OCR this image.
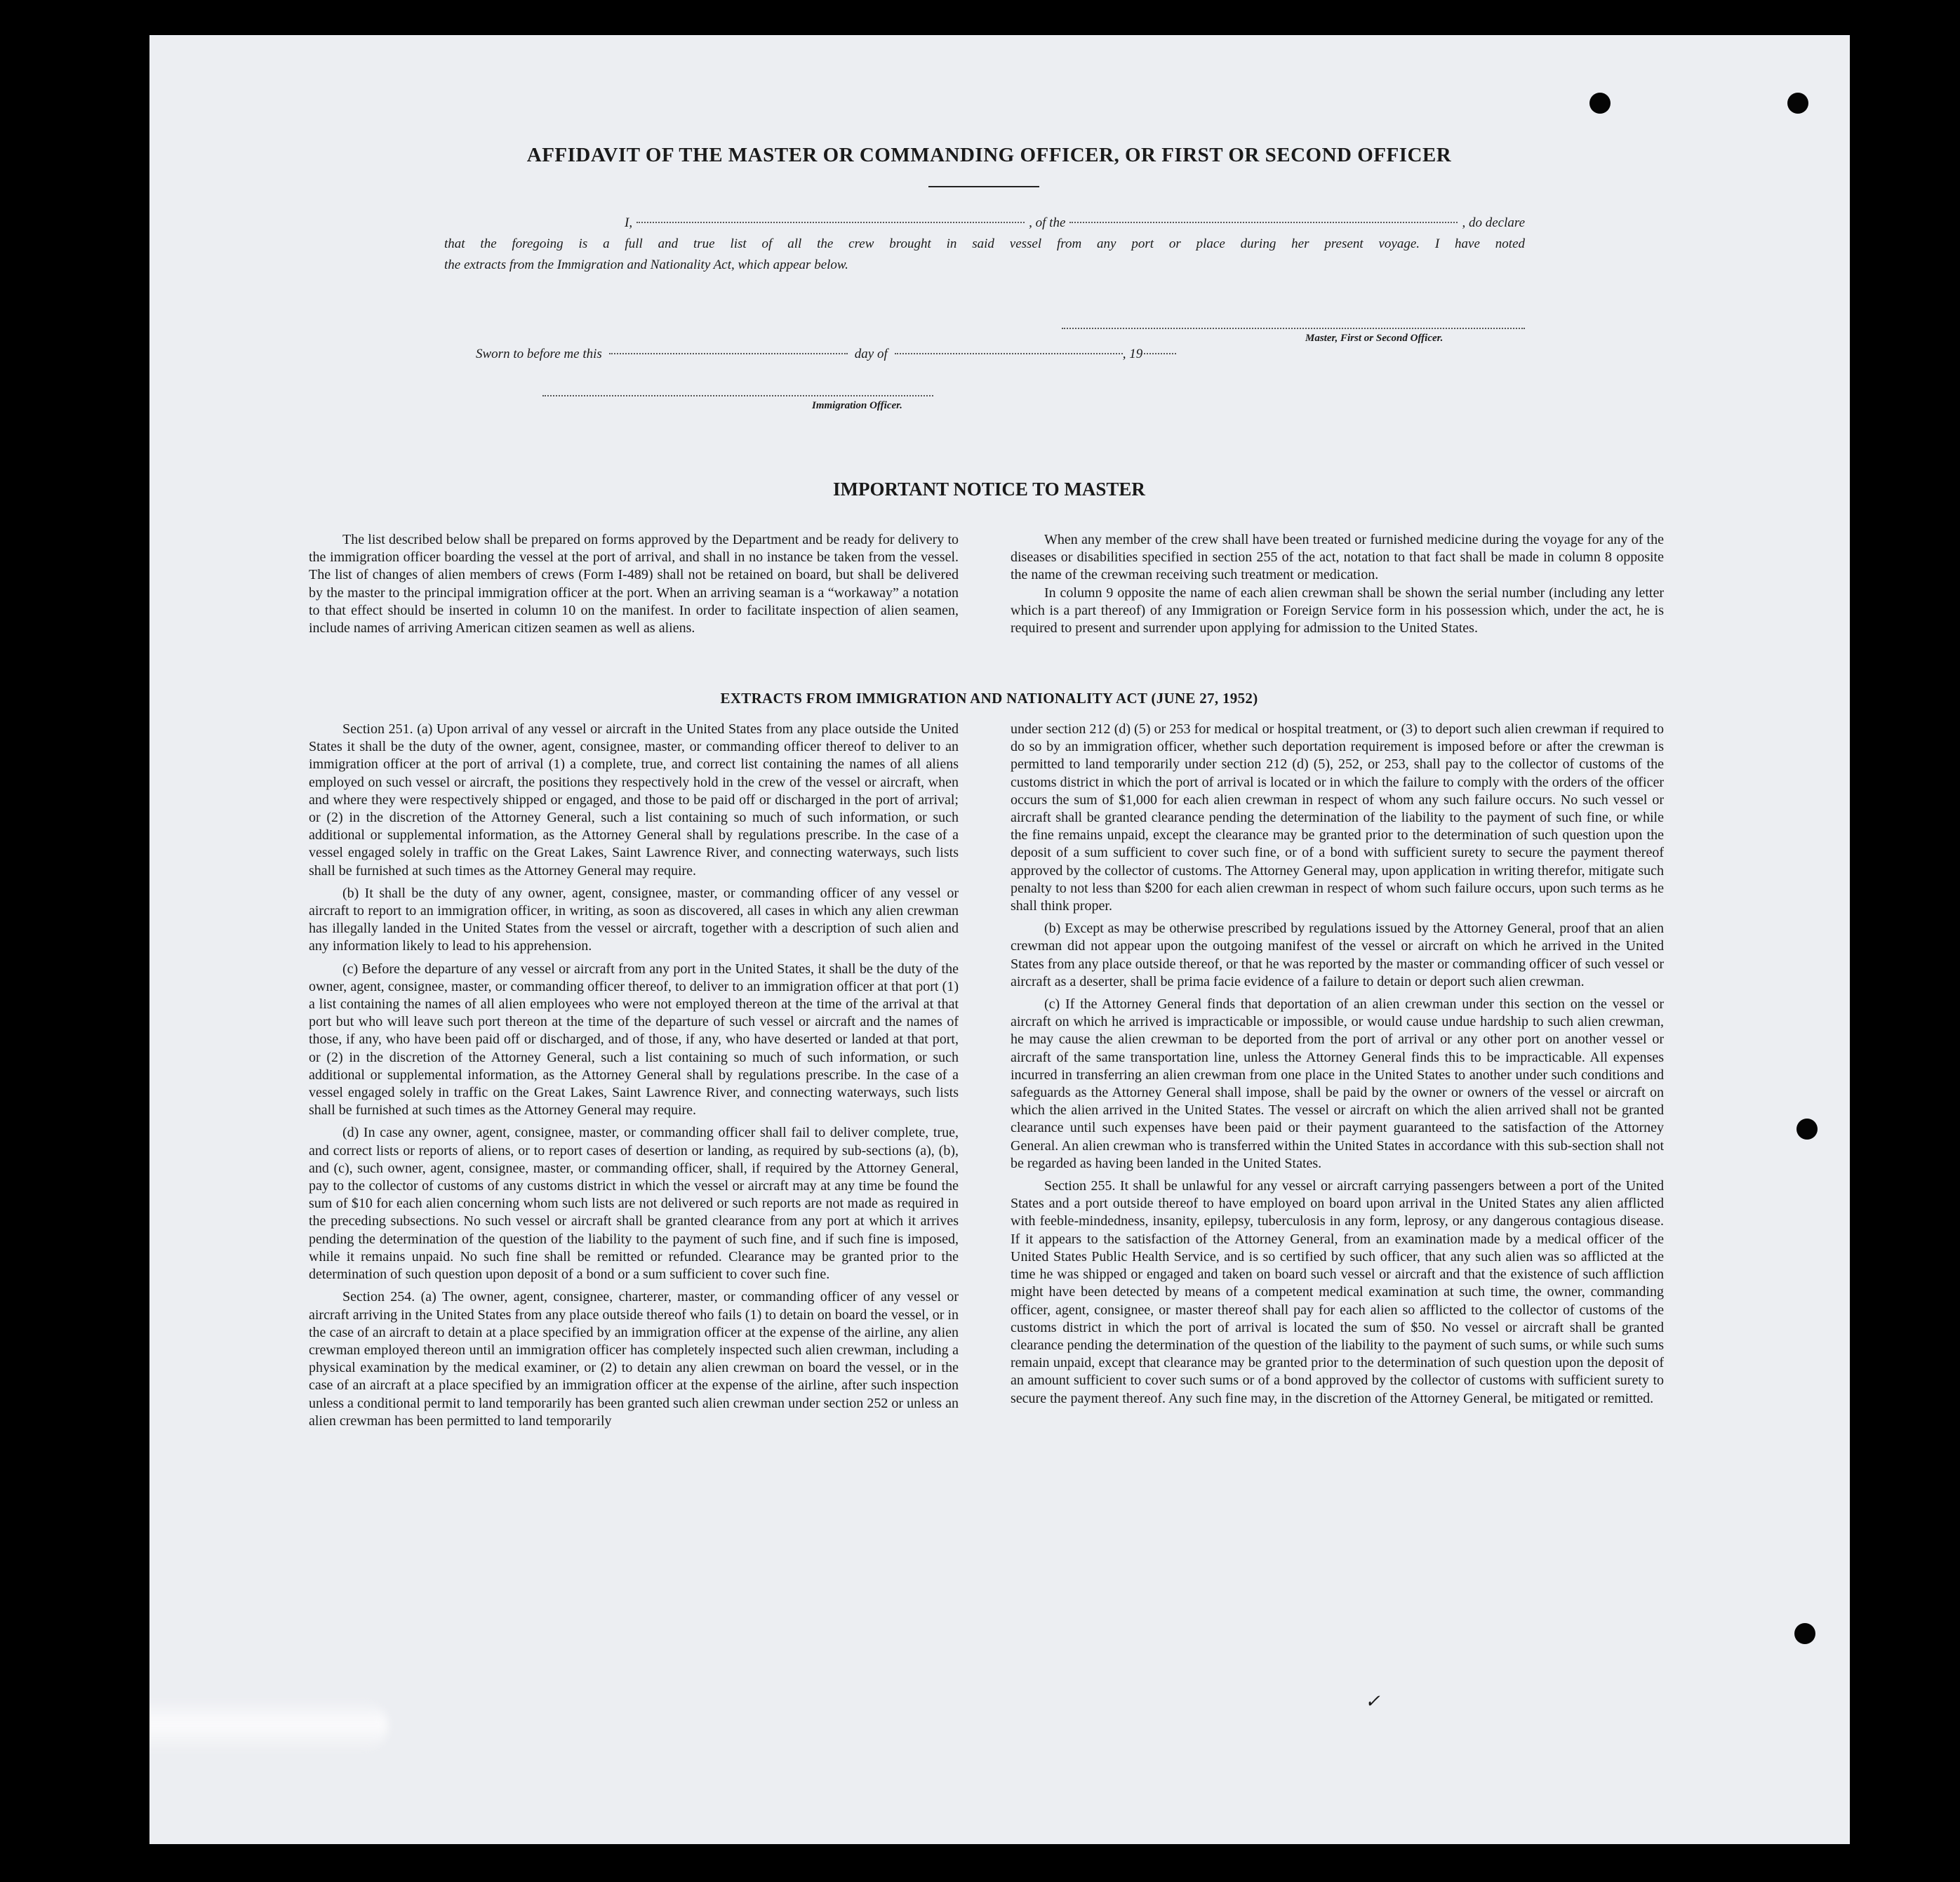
AFFIDAVIT OF THE MASTER OR COMMANDING OFFICER, OR FIRST OR SECOND OFFICER
I,	, of the	, do declare
that the foregoing is a full and true list of all the crew brought in said vessel from any port or place during her present voyage. I have noted
the extracts from the Immigration and Nationality Act, which appear below.
Master, First or Second Officer.
Sworn to before me this	day of	, 19
Immigration Officer.
IMPORTANT NOTICE TO MASTER

The list described below shall be prepared on forms approved by the Department and be ready for delivery to the immigration officer boarding the vessel at the port of arrival, and shall in no instance be taken from the vessel. The list of changes of alien members of crews (Form I-489) shall not be retained on board, but shall be delivered by the master to the principal immigration officer at the port. When an arriving seaman is a “workaway” a notation to that effect should be inserted in column 10 on the manifest. In order to facilitate inspection of alien seamen, include names of arriving American citizen seamen as well as aliens.

When any member of the crew shall have been treated or furnished medicine during the voyage for any of the diseases or disabilities specified in section 255 of the act, notation to that fact shall be made in column 8 opposite the name of the crewman receiving such treatment or medication.

In column 9 opposite the name of each alien crewman shall be shown the serial number (including any letter which is a part thereof) of any Immigration or Foreign Service form in his possession which, under the act, he is required to present and surrender upon applying for admission to the United States.

EXTRACTS FROM IMMIGRATION AND NATIONALITY ACT (JUNE 27, 1952)

Section 251. (a) Upon arrival of any vessel or aircraft in the United States from any place outside the United States it shall be the duty of the owner, agent, consignee, master, or commanding officer thereof to deliver to an immigration officer at the port of arrival (1) a complete, true, and correct list containing the names of all aliens employed on such vessel or aircraft, the positions they respectively hold in the crew of the vessel or aircraft, when and where they were respectively shipped or engaged, and those to be paid off or discharged in the port of arrival; or (2) in the discretion of the Attorney General, such a list containing so much of such information, or such additional or supplemental information, as the Attorney General shall by regulations prescribe. In the case of a vessel engaged solely in traffic on the Great Lakes, Saint Lawrence River, and connecting waterways, such lists shall be furnished at such times as the Attorney General may require.

(b) It shall be the duty of any owner, agent, consignee, master, or commanding officer of any vessel or aircraft to report to an immigration officer, in writing, as soon as discovered, all cases in which any alien crewman has illegally landed in the United States from the vessel or aircraft, together with a description of such alien and any information likely to lead to his apprehension.

(c) Before the departure of any vessel or aircraft from any port in the United States, it shall be the duty of the owner, agent, consignee, master, or commanding officer thereof, to deliver to an immigration officer at that port (1) a list containing the names of all alien employees who were not employed thereon at the time of the arrival at that port but who will leave such port thereon at the time of the departure of such vessel or aircraft and the names of those, if any, who have been paid off or discharged, and of those, if any, who have deserted or landed at that port, or (2) in the discretion of the Attorney General, such a list containing so much of such information, or such additional or supplemental information, as the Attorney General shall by regulations prescribe. In the case of a vessel engaged solely in traffic on the Great Lakes, Saint Lawrence River, and connecting waterways, such lists shall be furnished at such times as the Attorney General may require.

(d) In case any owner, agent, consignee, master, or commanding officer shall fail to deliver complete, true, and correct lists or reports of aliens, or to report cases of desertion or landing, as required by sub-sections (a), (b), and (c), such owner, agent, consignee, master, or commanding officer, shall, if required by the Attorney General, pay to the collector of customs of any customs district in which the vessel or aircraft may at any time be found the sum of $10 for each alien concerning whom such lists are not delivered or such reports are not made as required in the preceding subsections. No such vessel or aircraft shall be granted clearance from any port at which it arrives pending the determination of the question of the liability to the payment of such fine, and if such fine is imposed, while it remains unpaid. No such fine shall be remitted or refunded. Clearance may be granted prior to the determination of such question upon deposit of a bond or a sum sufficient to cover such fine.

Section 254. (a) The owner, agent, consignee, charterer, master, or commanding officer of any vessel or aircraft arriving in the United States from any place outside thereof who fails (1) to detain on board the vessel, or in the case of an aircraft to detain at a place specified by an immigration officer at the expense of the airline, any alien crewman employed thereon until an immigration officer has completely inspected such alien crewman, including a physical examination by the medical examiner, or (2) to detain any alien crewman on board the vessel, or in the case of an aircraft at a place specified by an immigration officer at the expense of the airline, after such inspection unless a conditional permit to land temporarily has been granted such alien crewman under section 252 or unless an alien crewman has been permitted to land temporarily

under section 212 (d) (5) or 253 for medical or hospital treatment, or (3) to deport such alien crewman if required to do so by an immigration officer, whether such deportation requirement is imposed before or after the crewman is permitted to land temporarily under section 212 (d) (5), 252, or 253, shall pay to the collector of customs of the customs district in which the port of arrival is located or in which the failure to comply with the orders of the officer occurs the sum of $1,000 for each alien crewman in respect of whom any such failure occurs. No such vessel or aircraft shall be granted clearance pending the determination of the liability to the payment of such fine, or while the fine remains unpaid, except the clearance may be granted prior to the determination of such question upon the deposit of a sum sufficient to cover such fine, or of a bond with sufficient surety to secure the payment thereof approved by the collector of customs. The Attorney General may, upon application in writing therefor, mitigate such penalty to not less than $200 for each alien crewman in respect of whom such failure occurs, upon such terms as he shall think proper.

(b) Except as may be otherwise prescribed by regulations issued by the Attorney General, proof that an alien crewman did not appear upon the outgoing manifest of the vessel or aircraft on which he arrived in the United States from any place outside thereof, or that he was reported by the master or commanding officer of such vessel or aircraft as a deserter, shall be prima facie evidence of a failure to detain or deport such alien crewman.

(c) If the Attorney General finds that deportation of an alien crewman under this section on the vessel or aircraft on which he arrived is impracticable or impossible, or would cause undue hardship to such alien crewman, he may cause the alien crewman to be deported from the port of arrival or any other port on another vessel or aircraft of the same transportation line, unless the Attorney General finds this to be impracticable. All expenses incurred in transferring an alien crewman from one place in the United States to another under such conditions and safeguards as the Attorney General shall impose, shall be paid by the owner or owners of the vessel or aircraft on which the alien arrived in the United States. The vessel or aircraft on which the alien arrived shall not be granted clearance until such expenses have been paid or their payment guaranteed to the satisfaction of the Attorney General. An alien crewman who is transferred within the United States in accordance with this sub-section shall not be regarded as having been landed in the United States.

Section 255. It shall be unlawful for any vessel or aircraft carrying passengers between a port of the United States and a port outside thereof to have employed on board upon arrival in the United States any alien afflicted with feeble-mindedness, insanity, epilepsy, tuberculosis in any form, leprosy, or any dangerous contagious disease. If it appears to the satisfaction of the Attorney General, from an examination made by a medical officer of the United States Public Health Service, and is so certified by such officer, that any such alien was so afflicted at the time he was shipped or engaged and taken on board such vessel or aircraft and that the existence of such affliction might have been detected by means of a competent medical examination at such time, the owner, commanding officer, agent, consignee, or master thereof shall pay for each alien so afflicted to the collector of customs of the customs district in which the port of arrival is located the sum of $50. No vessel or aircraft shall be granted clearance pending the determination of the question of the liability to the payment of such sums, or while such sums remain unpaid, except that clearance may be granted prior to the determination of such question upon the deposit of an amount sufficient to cover such sums or of a bond approved by the collector of customs with sufficient surety to secure the payment thereof. Any such fine may, in the discretion of the Attorney General, be mitigated or remitted.

✓
